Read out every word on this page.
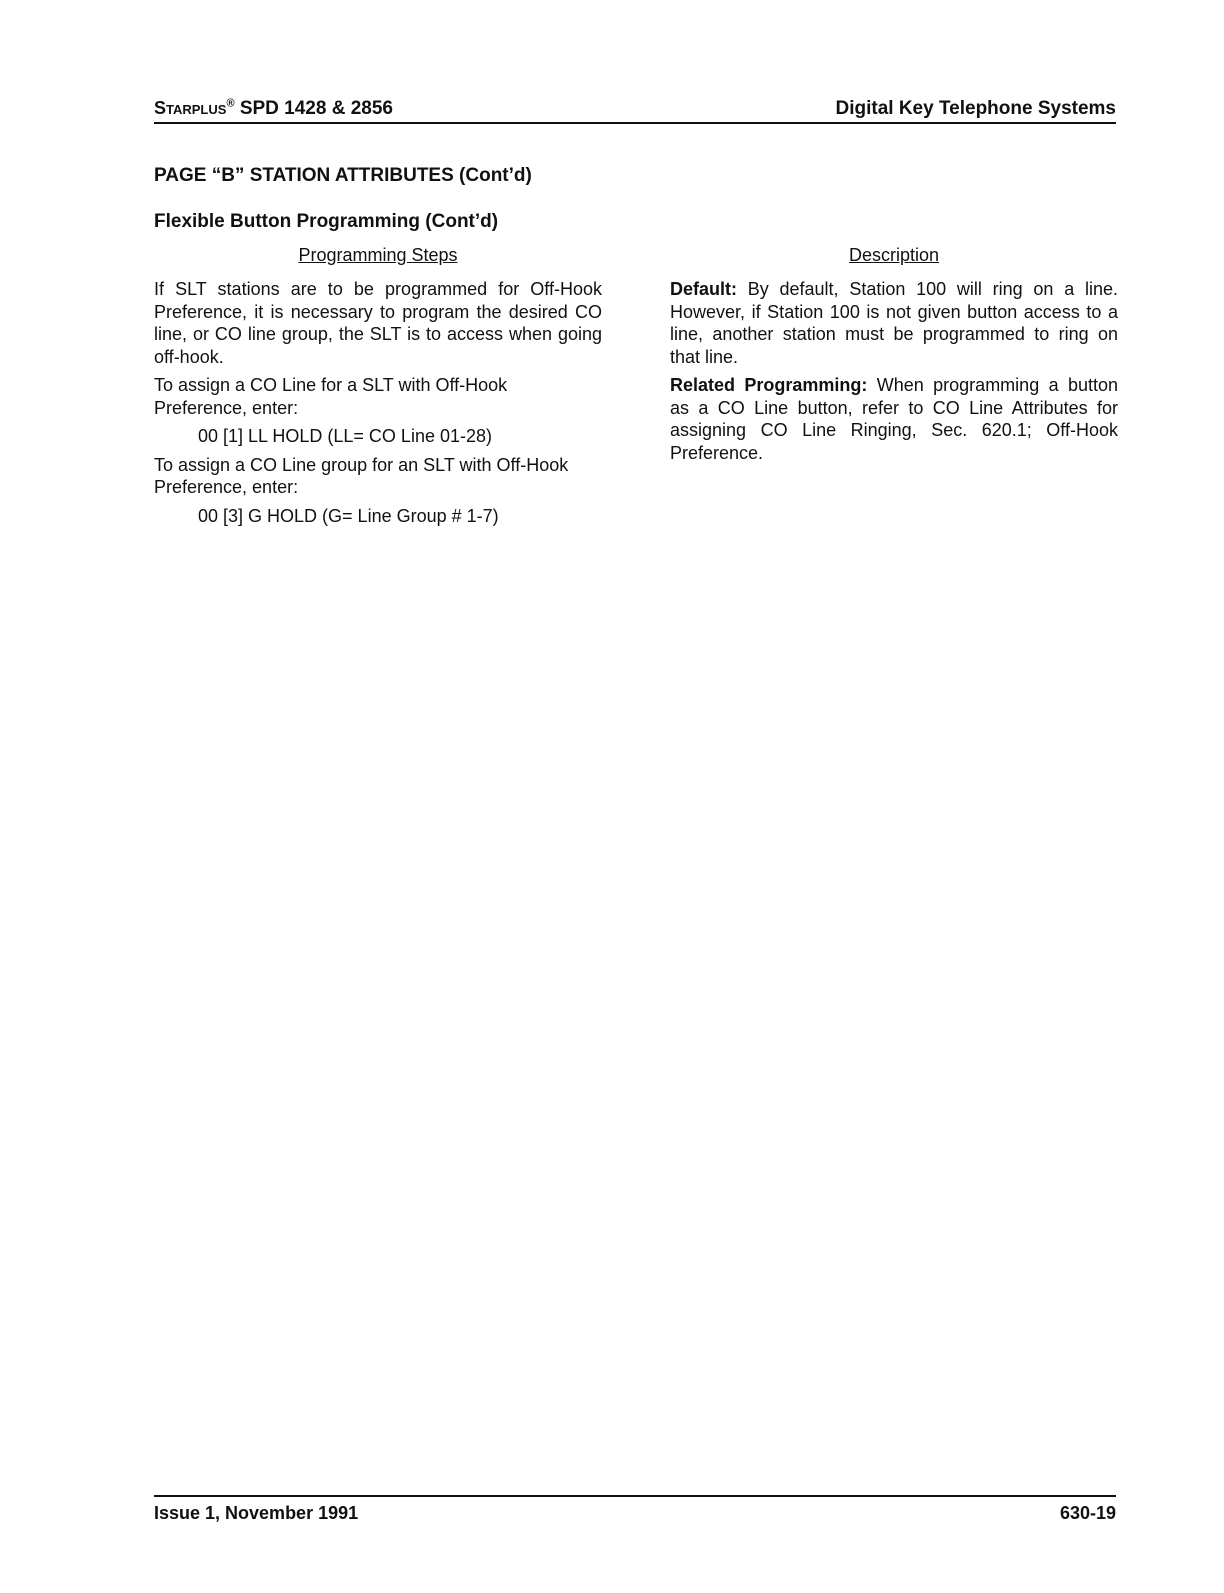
Starplus® SPD 1428 & 2856	Digital Key Telephone Systems
PAGE “B” STATION ATTRIBUTES (Cont’d)
Flexible Button Programming (Cont’d)
Programming Steps

If SLT stations are to be programmed for Off-Hook Preference, it is necessary to program the desired CO line, or CO line group, the SLT is to access when going off-hook.

To assign a CO Line for a SLT with Off-Hook Preference, enter:

00 [1] LL HOLD (LL= CO Line 01-28)

To assign a CO Line group for an SLT with Off-Hook Preference, enter:

00 [3] G HOLD (G= Line Group # 1-7)

Description

Default: By default, Station 100 will ring on a line. However, if Station 100 is not given button access to a line, another station must be programmed to ring on that line.

Related Programming: When programming a button as a CO Line button, refer to CO Line Attributes for assigning CO Line Ringing, Sec. 620.1; Off-Hook Preference.

Issue 1, November 1991	630-19
